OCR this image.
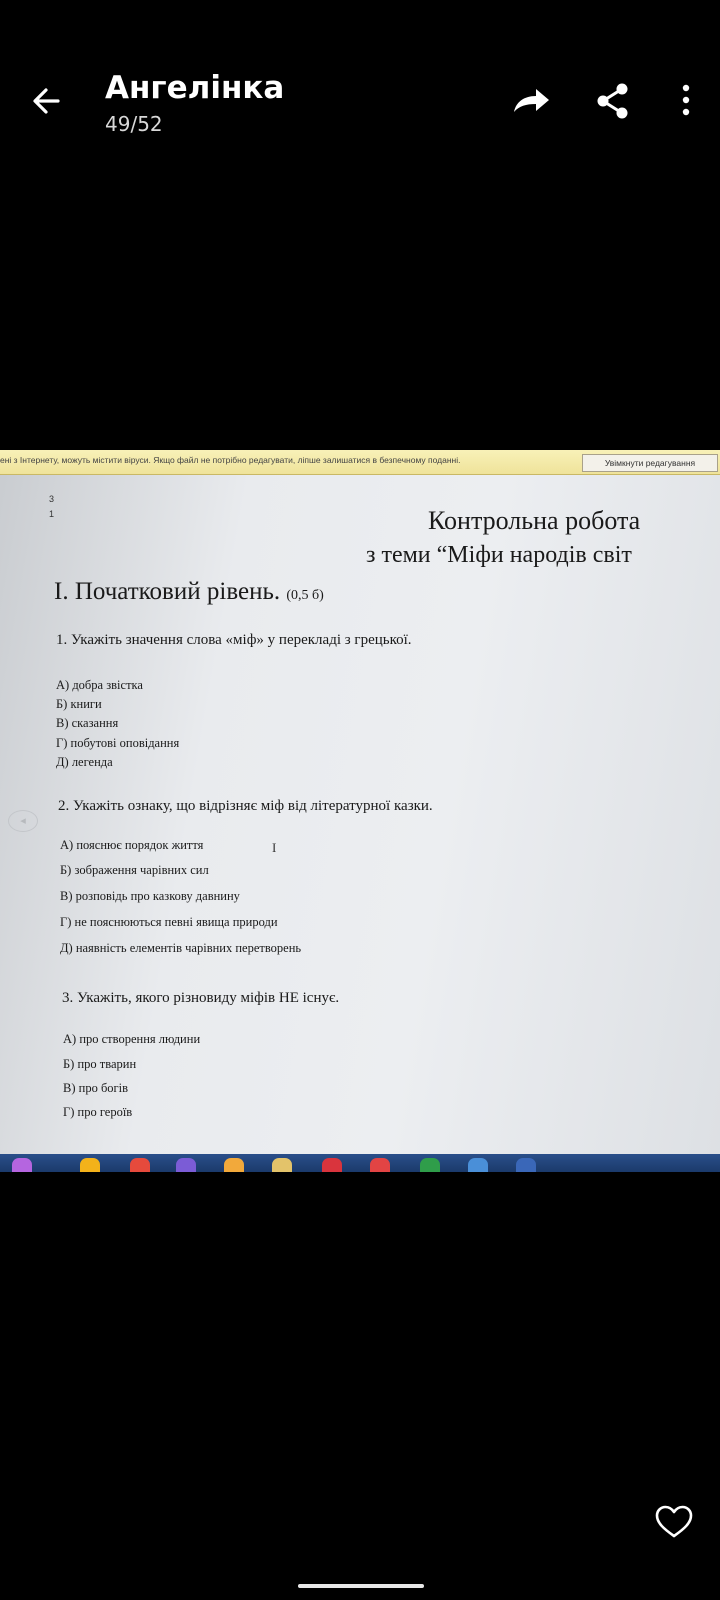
Ангелінка
49/52
ені з Інтернету, можуть містити віруси. Якщо файл не потрібно редагувати, ліпше залишатися в безпечному поданні.	Увімкнути редагування
3
1	Контрольна робота
з теми “Міфи народів світ
І. Початковий рівень. (0,5 б)
◂
1. Укажіть значення слова «міф» у перекладі з грецької.
А) добра звістка
Б) книги
В) сказання
Г) побутові оповідання
Д) легенда
2. Укажіть ознаку, що відрізняє міф від літературної казки.
А) пояснює порядок життя	I
Б) зображення чарівних сил
В) розповідь про казкову давнину
Г) не пояснюються певні явища природи
Д) наявність елементів чарівних перетворень
3. Укажіть, якого різновиду міфів НЕ існує.
А) про створення людини
Б) про тварин
В) про богів
Г) про героїв
